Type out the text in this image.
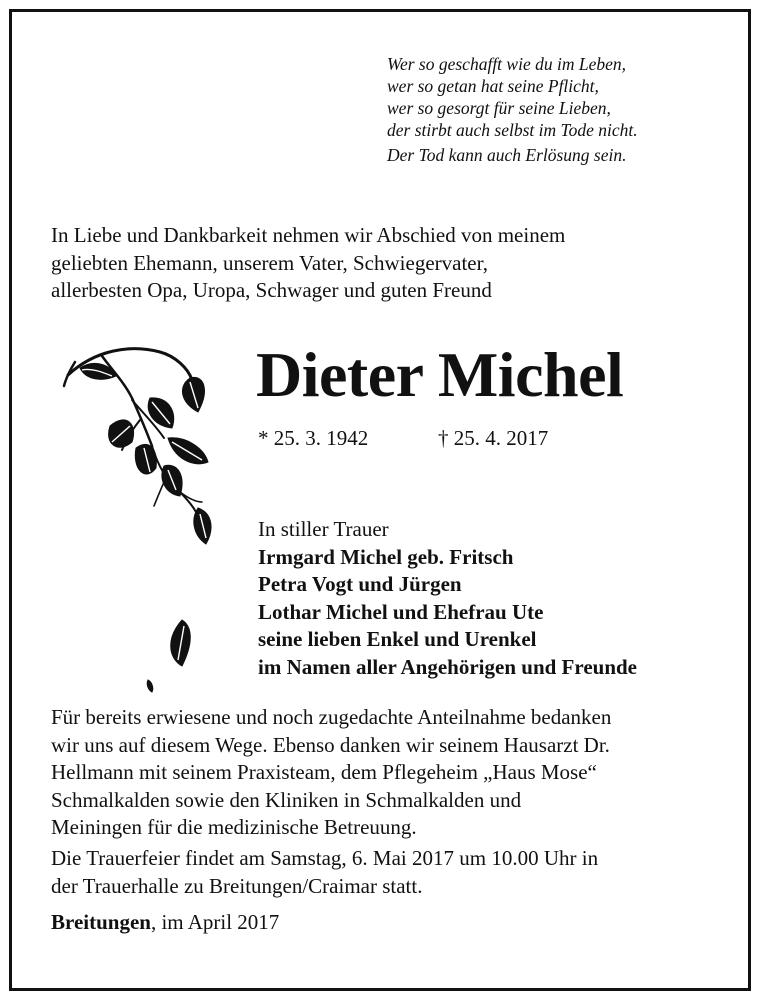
Wer so geschafft wie du im Leben,
wer so getan hat seine Pflicht,
wer so gesorgt für seine Lieben,
der stirbt auch selbst im Tode nicht.
Der Tod kann auch Erlösung sein.
In Liebe und Dankbarkeit nehmen wir Abschied von meinem
geliebten Ehemann, unserem Vater, Schwiegervater,
allerbesten Opa, Uropa, Schwager und guten Freund
Dieter Michel
* 25. 3. 1942	† 25. 4. 2017
In stiller Trauer
Irmgard Michel geb. Fritsch
Petra Vogt und Jürgen
Lothar Michel und Ehefrau Ute
seine lieben Enkel und Urenkel
im Namen aller Angehörigen und Freunde
Für bereits erwiesene und noch zugedachte Anteilnahme bedanken
wir uns auf diesem Wege. Ebenso danken wir seinem Hausarzt Dr.
Hellmann mit seinem Praxisteam, dem Pflegeheim „Haus Mose“
Schmalkalden sowie den Kliniken in Schmalkalden und
Meiningen für die medizinische Betreuung.
Die Trauerfeier findet am Samstag, 6. Mai 2017 um 10.00 Uhr in
der Trauerhalle zu Breitungen/Craimar statt.
Breitungen, im April 2017
